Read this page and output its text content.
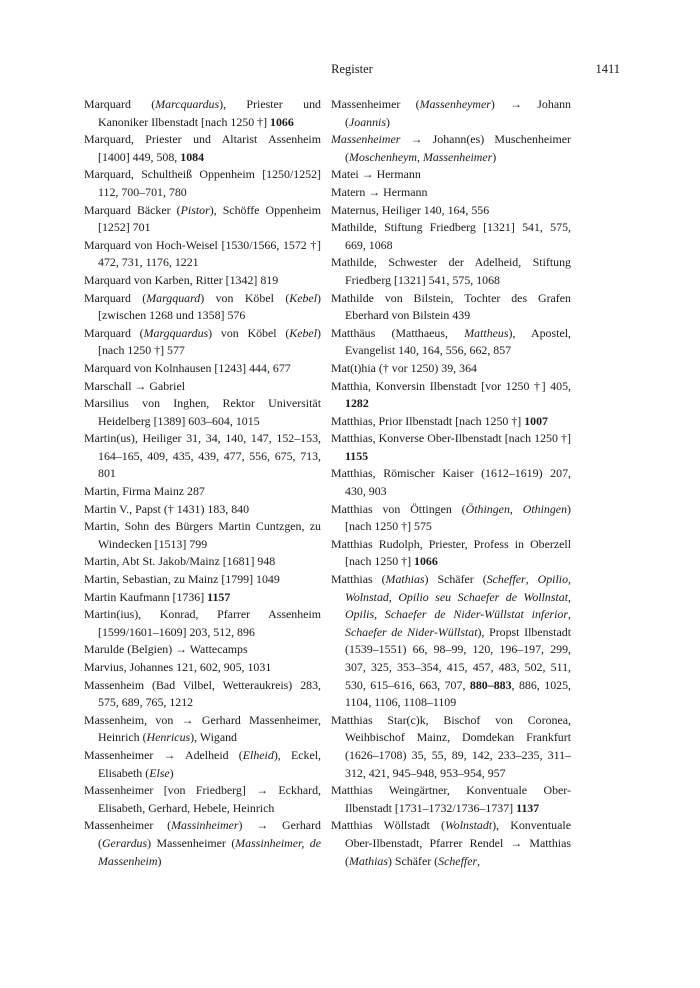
Register	1411

Marquard (Marcquardus), Priester und Kanoniker Ilbenstadt [nach 1250 †] 1066

Marquard, Priester und Altarist Assenheim [1400] 449, 508, 1084

Marquard, Schultheiß Oppenheim [1250/1252] 112, 700–701, 780

Marquard Bäcker (Pistor), Schöffe Oppenheim [1252] 701

Marquard von Hoch-Weisel [1530/1566, 1572 †] 472, 731, 1176, 1221

Marquard von Karben, Ritter [1342] 819

Marquard (Margquard) von Köbel (Kebel) [zwischen 1268 und 1358] 576

Marquard (Margquardus) von Köbel (Kebel) [nach 1250 †] 577

Marquard von Kolnhausen [1243] 444, 677

Marschall → Gabriel

Marsilius von Inghen, Rektor Universität Heidelberg [1389] 603–604, 1015

Martin(us), Heiliger 31, 34, 140, 147, 152–153, 164–165, 409, 435, 439, 477, 556, 675, 713, 801

Martin, Firma Mainz 287

Martin V., Papst († 1431) 183, 840

Martin, Sohn des Bürgers Martin Cuntzgen, zu Windecken [1513] 799

Martin, Abt St. Jakob/Mainz [1681] 948

Martin, Sebastian, zu Mainz [1799] 1049

Martin Kaufmann [1736] 1157

Martin(ius), Konrad, Pfarrer Assenheim [1599/1601–1609] 203, 512, 896

Marulde (Belgien) → Wattecamps

Marvius, Johannes 121, 602, 905, 1031

Massenheim (Bad Vilbel, Wetteraukreis) 283, 575, 689, 765, 1212

Massenheim, von → Gerhard Massenheimer, Heinrich (Henricus), Wigand

Massenheimer → Adelheid (Elheid), Eckel, Elisabeth (Else)

Massenheimer [von Friedberg] → Eckhard, Elisabeth, Gerhard, Hebele, Heinrich

Massenheimer (Massinheimer) → Gerhard (Gerardus) Massenheimer (Massinheimer, de Massenheim)

Massenheimer (Massenheymer) → Johann (Joannis)

Massenheimer → Johann(es) Muschenheimer (Moschenheym, Massenheimer)

Matei → Hermann

Matern → Hermann

Maternus, Heiliger 140, 164, 556

Mathilde, Stiftung Friedberg [1321] 541, 575, 669, 1068

Mathilde, Schwester der Adelheid, Stiftung Friedberg [1321] 541, 575, 1068

Mathilde von Bilstein, Tochter des Grafen Eberhard von Bilstein 439

Matthäus (Matthaeus, Mattheus), Apostel, Evangelist 140, 164, 556, 662, 857

Mat(t)hia († vor 1250) 39, 364

Matthia, Konversin Ilbenstadt [vor 1250 †] 405, 1282

Matthias, Prior Ilbenstadt [nach 1250 †] 1007

Matthias, Konverse Ober-Ilbenstadt [nach 1250 †] 1155

Matthias, Römischer Kaiser (1612–1619) 207, 430, 903

Matthias von Öttingen (Öthingen, Othingen) [nach 1250 †] 575

Matthias Rudolph, Priester, Profess in Oberzell [nach 1250 †] 1066

Matthias (Mathias) Schäfer (Scheffer, Opilio, Wolnstad, Opilio seu Schaefer de Wollnstat, Opilis, Schaefer de Nider-Wüllstat inferior, Schaefer de Nider-Wüllstat), Propst Ilbenstadt (1539–1551) 66, 98–99, 120, 196–197, 299, 307, 325, 353–354, 415, 457, 483, 502, 511, 530, 615–616, 663, 707, 880–883, 886, 1025, 1104, 1106, 1108–1109

Matthias Star(c)k, Bischof von Coronea, Weihbischof Mainz, Domdekan Frankfurt (1626–1708) 35, 55, 89, 142, 233–235, 311–312, 421, 945–948, 953–954, 957

Matthias Weingärtner, Konventuale Ober-Ilbenstadt [1731–1732/1736–1737] 1137

Matthias Wöllstadt (Wolnstadt), Konventuale Ober-Ilbenstadt, Pfarrer Rendel → Matthias (Mathias) Schäfer (Scheffer,
